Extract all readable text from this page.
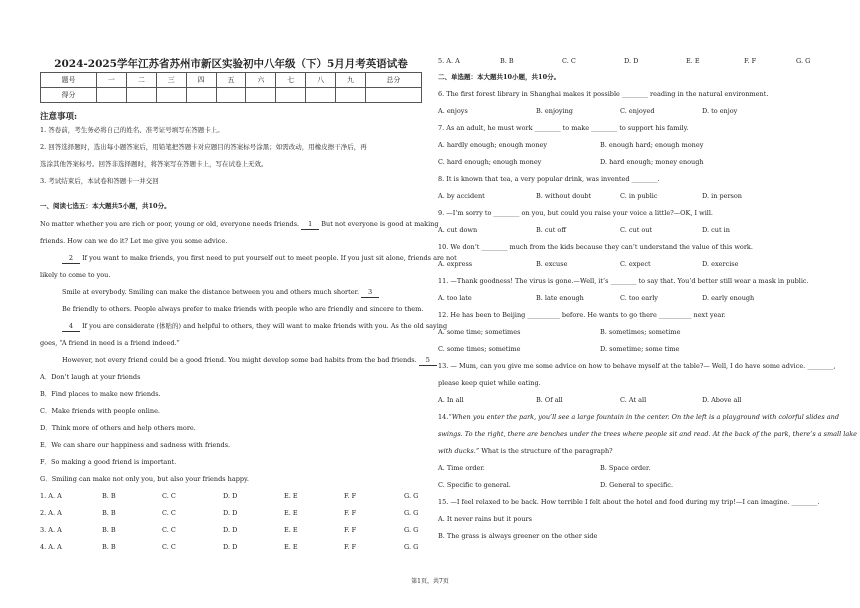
2024-2025学年江苏省苏州市新区实验初中八年级（下）5月月考英语试卷
题号	一	二	三	四	五	六	七	八	九	总分
得分										
注意事项:
1. 答卷前，考生务必将自己的姓名、准考证号填写在答题卡上。
2. 回答选择题时，选出每小题答案后，用铅笔把答题卡对应题目的答案标号涂黑；如需改动，用橡皮擦干净后，再
选涂其他答案标号。回答非选择题时，将答案写在答题卡上，写在试卷上无效。
3. 考试结束后，本试卷和答题卡一并交回
一、阅读七选五：本大题共5小题，共10分。
No matter whether you are rich or poor, young or old, everyone needs friends. 1 But not everyone is good at making
friends. How can we do it? Let me give you some advice.
2 If you want to make friends, you first need to put yourself out to meet people. If you just sit alone, friends are not
likely to come to you.
Smile at everybody. Smiling can make the distance between you and others much shorter. 3
Be friendly to others. People always prefer to make friends with people who are friendly and sincere to them.
4 If you are considerate (体贴的) and helpful to others, they will want to make friends with you. As the old saying
goes, “A friend in need is a friend indeed.”
However, not every friend could be a good friend. You might develop some bad habits from the bad friends. 5
A．Don’t laugh at your friends
B．Find places to make new friends.
C．Make friends with people online.
D．Think more of others and help others more.
E．We can share our happiness and sadness with friends.
F．So making a good friend is important.
G．Smiling can make not only you, but also your friends happy.
1. A. A	B. B	C. C	D. D	E. E	F. F	G. G
2. A. A	B. B	C. C	D. D	E. E	F. F	G. G
3. A. A	B. B	C. C	D. D	E. E	F. F	G. G
4. A. A	B. B	C. C	D. D	E. E	F. F	G. G
5. A. A	B. B	C. C	D. D	E. E	F. F	G. G
二、单选题：本大题共10小题，共10分。
6. The first forest library in Shanghai makes it possible ________ reading in the natural environment.
A. enjoys	B. enjoying	C. enjoyed	D. to enjoy
7. As an adult, he must work ________ to make ________ to support his family.
A. hardly enough; enough money	B. enough hard; enough money
C. hard enough; enough money	D. hard enough; money enough
8. It is known that tea, a very popular drink, was invented ________.
A. by accident	B. without doubt	C. in public	D. in person
9. —I’m sorry to ________ on you, but could you raise your voice a little?—OK, I will.
A. cut down	B. cut off	C. cut out	D. cut in
10. We don’t ________ much from the kids because they can’t understand the value of this work.
A. express	B. excuse	C. expect	D. exercise
11. —Thank goodness! The virus is gone.—Well, it’s ________ to say that. You’d better still wear a mask in public.
A. too late	B. late enough	C. too early	D. early enough
12. He has been to Beijing __________ before. He wants to go there __________ next year.
A. some time; sometimes	B. sometimes; sometime
C. some times; sometime	D. sometime; some time
13. — Mum, can you give me some advice on how to behave myself at the table?— Well, I do have some advice. ________,
please keep quiet while eating.
A. In all	B. Of all	C. At all	D. Above all
14.“When you enter the park, you’ll see a large fountain in the center. On the left is a playground with colorful slides and
swings. To the right, there are benches under the trees where people sit and read. At the back of the park, there’s a small lake
with ducks.” What is the structure of the paragraph?
A. Time order.	B. Space order.
C. Specific to general.	D. General to specific.
15. —I feel relaxed to be back. How terrible I felt about the hotel and food during my trip!—I can imagine. ________.
A. It never rains but it pours
B. The grass is always greener on the other side
第1页，共7页
